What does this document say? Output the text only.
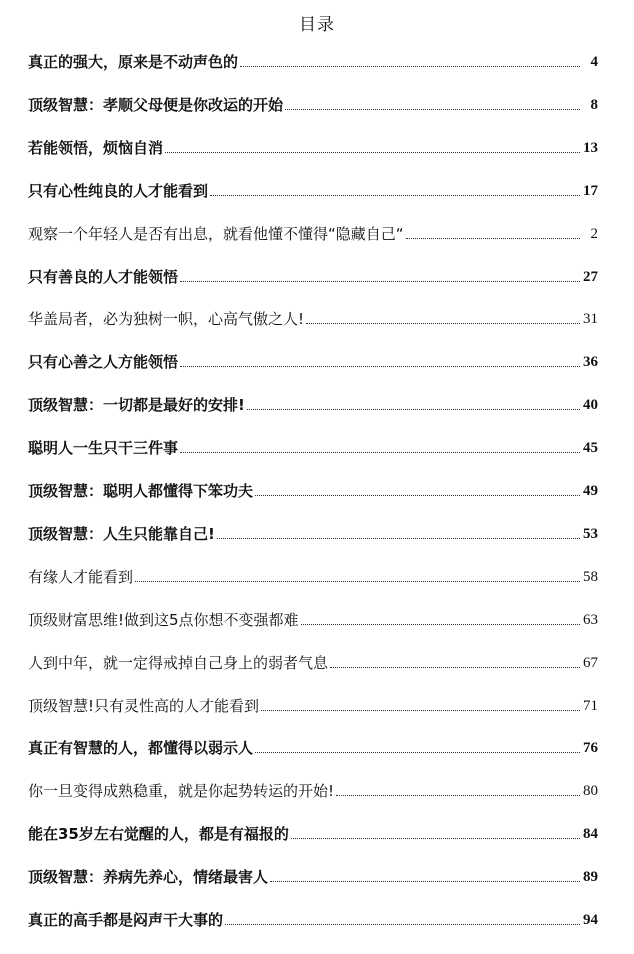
目录
真正的强大，原来是不动声色的	4
顶级智慧：孝顺父母便是你改运的开始	8
若能领悟，烦恼自消	13
只有心性纯良的人才能看到	17
观察一个年轻人是否有出息，就看他懂不懂得“隐藏自己“	2
只有善良的人才能领悟	27
华盖局者，必为独树一帜，心高气傲之人!	31
只有心善之人方能领悟	36
顶级智慧：一切都是最好的安排!	40
聪明人一生只干三件事	45
顶级智慧：聪明人都懂得下笨功夫	49
顶级智慧：人生只能靠自己!	53
有缘人才能看到	58
顶级财富思维!做到这5点你想不变强都难	63
人到中年，就一定得戒掉自己身上的弱者气息	67
顶级智慧!只有灵性高的人才能看到	71
真正有智慧的人，都懂得以弱示人	76
你一旦变得成熟稳重，就是你起势转运的开始!	80
能在35岁左右觉醒的人，都是有福报的	84
顶级智慧：养病先养心，情绪最害人	89
真正的高手都是闷声干大事的	94
